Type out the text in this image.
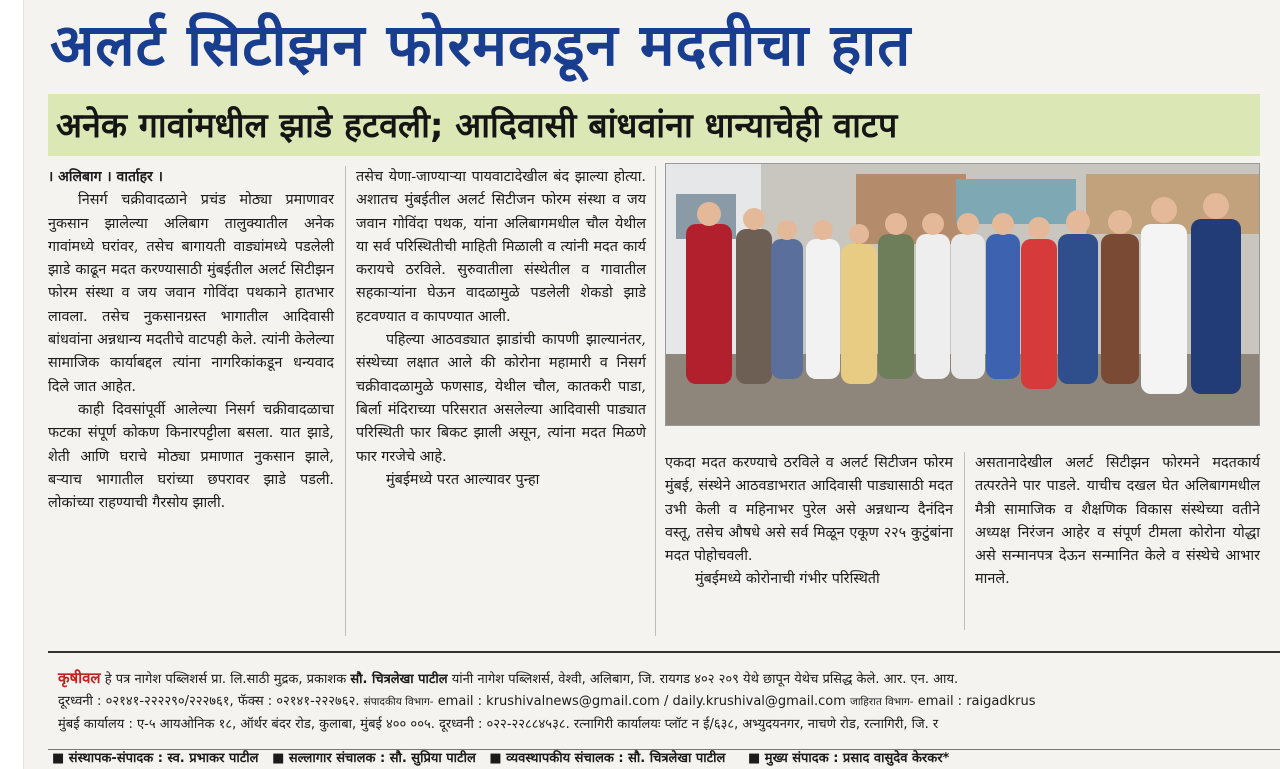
अलर्ट सिटीझन फोरमकडून मदतीचा हात
अनेक गावांमधील झाडे हटवली; आदिवासी बांधवांना धान्याचेही वाटप

। अलिबाग । वार्ताहर ।

निसर्ग चक्रीवादळाने प्रचंड मोठ्या प्रमाणावर नुकसान झालेल्या अलिबाग तालुक्यातील अनेक गावांमध्ये घरांवर, तसेच बागायती वाड्यांमध्ये पडलेली झाडे काढून मदत करण्यासाठी मुंबईतील अलर्ट सिटीझन फोरम संस्था व जय जवान गोविंदा पथकाने हातभार लावला. तसेच नुकसानग्रस्त भागातील आदिवासी बांधवांना अन्नधान्य मदतीचे वाटपही केले. त्यांनी केलेल्या सामाजिक कार्याबद्दल त्यांना नागरिकांकडून धन्यवाद दिले जात आहेत.

काही दिवसांपूर्वी आलेल्या निसर्ग चक्रीवादळाचा फटका संपूर्ण कोकण किनारपट्टीला बसला. यात झाडे, शेती आणि घराचे मोठ्या प्रमाणात नुकसान झाले, बऱ्याच भागातील घरांच्या छपरावर झाडे पडली. लोकांच्या राहण्याची गैरसोय झाली.

तसेच येणा-जाण्याऱ्या पायवाटादेखील बंद झाल्या होत्या. अशातच मुंबईतील अलर्ट सिटीजन फोरम संस्था व जय जवान गोविंदा पथक, यांना अलिबागमधील चौल येथील या सर्व परिस्थितीची माहिती मिळाली व त्यांनी मदत कार्य करायचे ठरविले. सुरुवातीला संस्थेतील व गावातील सहकाऱ्यांना घेऊन वादळामुळे पडलेली शेकडो झाडे हटवण्यात व कापण्यात आली.

पहिल्या आठवड्यात झाडांची कापणी झाल्यानंतर, संस्थेच्या लक्षात आले की कोरोना महामारी व निसर्ग चक्रीवादळामुळे फणसाड, येथील चौल, कातकरी पाडा, बिर्ला मंदिराच्या परिसरात असलेल्या आदिवासी पाड्यात परिस्थिती फार बिकट झाली असून, त्यांना मदत मिळणे फार गरजेचे आहे.

मुंबईमध्ये परत आल्यावर पुन्हा

एकदा मदत करण्याचे ठरविले व अलर्ट सिटीजन फोरम मुंबई, संस्थेने आठवडाभरात आदिवासी पाड्यासाठी मदत उभी केली व महिनाभर पुरेल असे अन्नधान्य दैनंदिन वस्तू, तसेच औषधे असे सर्व मिळून एकूण २२५ कुटुंबांना मदत पोहोचवली.

मुंबईमध्ये कोरोनाची गंभीर परिस्थिती

असतानादेखील अलर्ट सिटीझन फोरमने मदतकार्य तत्परतेने पार पाडले. याचीच दखल घेत अलिबागमधील मैत्री सामाजिक व शैक्षणिक विकास संस्थेच्या वतीने अध्यक्ष निरंजन आहेर व संपूर्ण टीमला कोरोना योद्धा असे सन्मानपत्र देऊन सन्मानित केले व संस्थेचे आभार मानले.

कृषीवल हे पत्र नागेश पब्लिशर्स प्रा. लि.साठी मुद्रक, प्रकाशक सौ. चित्रलेखा पाटील यांनी नागेश पब्लिशर्स, वेश्वी, अलिबाग, जि. रायगड ४०२ २०९ येथे छापून येथेच प्रसिद्ध केले. आर. एन. आय.
दूरध्वनी : ०२१४१-२२२२९०/२२२७६१, फॅक्स : ०२१४१-२२२७६२. संपादकीय विभाग- email : krushivalnews@gmail.com / daily.krushival@gmail.com जाहिरात विभाग- email : raigadkrus
मुंबई कार्यालय : ए-५ आयओनिक १८, ऑर्थर बंदर रोड, कुलाबा, मुंबई ४०० ००५. दूरध्वनी : ०२२-२२८८४५३८. रत्नागिरी कार्यालयः प्लॉट न ई/६३८, अभ्युदयनगर, नाचणे रोड, रत्नागिरी, जि. र
■ संस्थापक-संपादक : स्व. प्रभाकर पाटील ■ सल्लागार संचालक : सौ. सुप्रिया पाटील ■ व्यवस्थापकीय संचालक : सौ. चित्रलेखा पाटील ■ मुख्य संपादक : प्रसाद वासुदेव केरकर*
